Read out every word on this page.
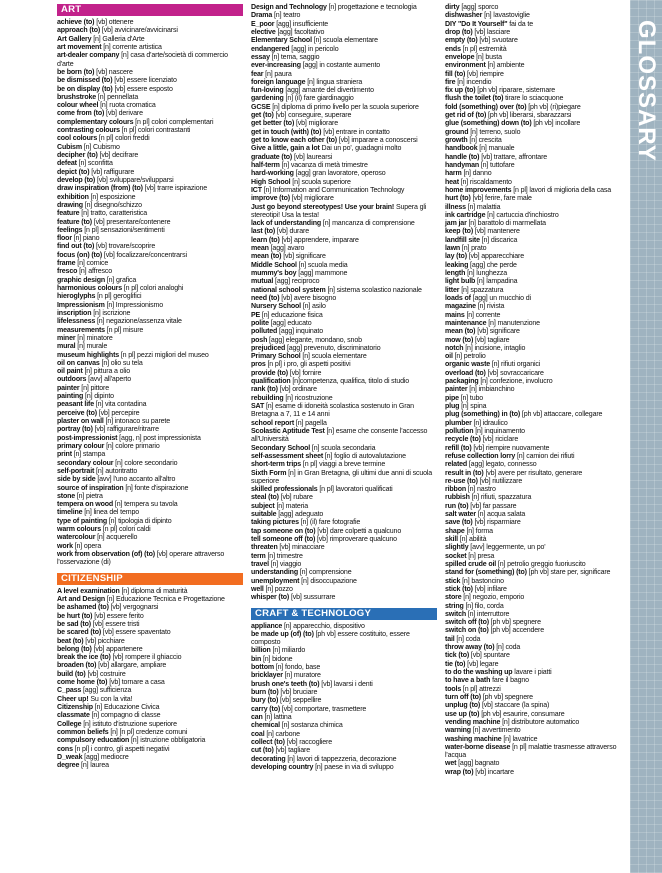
ART
achieve (to) [vb] ottenere
approach (to) [vb] avvicinare/avvicinarsi
Art Gallery [n] Galleria d'Arte
art movement [n] corrente artistica
art-dealer company [n] casa d'arte/società di commercio d'arte
be born (to) [vb] nascere
be dismissed (to) [vb] essere licenziato
be on display (to) [vb] essere esposto
brushstroke [n] pennellata
colour wheel [n] ruota cromatica
come from (to) [vb] derivare
complementary colours [n pl] colori complementari
contrasting colours [n pl] colori contrastanti
cool colours [n pl] colori freddi
Cubism [n] Cubismo
decipher (to) [vb] decifrare
defeat [n] sconfitta
depict (to) [vb] raffigurare
develop (to) [vb] sviluppare/svilupparsi
draw inspiration (from) (to) [vb] trarre ispirazione
exhibition [n] esposizione
drawing [n] disegno/schizzo
feature [n] tratto, caratteristica
feature (to) [vb] presentare/contenere
feelings [n pl] sensazioni/sentimenti
floor [n] piano
find out (to) [vb] trovare/scoprire
focus (on) (to) [vb] focalizzare/concentrarsi
frame [n] cornice
fresco [n] affresco
graphic design [n] grafica
harmonious colours [n pl] colori analoghi
hieroglyphs [n pl] geroglifici
Impressionism [n] Impressionismo
inscription [n] iscrizione
lifelessness [n] negazione/assenza vitale
measurements [n pl] misure
miner [n] minatore
mural [n] murale
museum highlights [n pl] pezzi migliori del museo
oil on canvas [n] olio su tela
oil paint [n] pittura a olio
outdoors [avv] all'aperto
painter [n] pittore
painting [n] dipinto
peasant life [n] vita contadina
perceive (to) [vb] percepire
plaster on wall [n] intonaco su parete
portray (to) [vb] raffigurare/ritrarre
post-impressionist [agg, n] post impressionista
primary colour [n] colore primario
print [n] stampa
secondary colour [n] colore secondario
self-portrait [n] autoritratto
side by side [avv] l'uno accanto all'altro
source of inspiration [n] fonte d'ispirazione
stone [n] pietra
tempera on wood [n] tempera su tavola
timeline [n] linea del tempo
type of painting [n] tipologia di dipinto
warm colours [n pl] colori caldi
watercolour [n] acquerello
work [n] opera
work from observation (of) (to) [vb] operare attraverso l'osservazione (di)
CITIZENSHIP
A level examination [n] diploma di maturità
Art and Design [n] Educazione Tecnica e Progettazione
be ashamed (to) [vb] vergognarsi
be hurt (to) [vb] essere ferito
be sad (to) [vb] essere tristi
be scared (to) [vb] essere spaventato
beat (to) [vb] picchiare
belong (to) [vb] appartenere
break the ice (to) [vb] rompere il ghiaccio
broaden (to) [vb] allargare, ampliare
build (to) [vb] costruire
come home (to) [vb] tornare a casa
C_pass [agg] sufficienza
Cheer up! Su con la vita!
Citizenship [n] Educazione Civica
classmate [n] compagno di classe
College [n] istituto d'istruzione superiore
common beliefs [n] [n pl] credenze comuni
compulsory education [n] istruzione obbligatoria
cons [n pl] i contro, gli aspetti negativi
D_weak [agg] mediocre
degree [n] laurea
Design and Technology [n] progettazione e tecnologia
Drama [n] teatro
E_poor [agg] insufficiente
elective [agg] facoltativo
Elementary School [n] scuola elementare
endangered [agg] in pericolo
essay [n] tema, saggio
ever-increasing [agg] in costante aumento
fear [n] paura
foreign language [n] lingua straniera
fun-loving [agg] amante del divertimento
gardening [n] (il) fare giardinaggio
GCSE [n] diploma di primo livello per la scuola superiore
get (to) [vb] conseguire, superare
get better (to) [vb] migliorare
get in touch (with) (to) [vb] entrare in contatto
get to know each other (to) [vb] imparare a conoscersi
Give a little, gain a lot Dai un po', guadagni molto
graduate (to) [vb] laurearsi
half-term [n] vacanza di metà trimestre
hard-working [agg] gran lavoratore, operoso
High School [n] scuola superiore
ICT [n] Information and Communication Technology
improve (to) [vb] migliorare
Just go beyond stereotypes! Use your brain! Supera gli stereotipi! Usa la testa!
lack of understanding [n] mancanza di comprensione
last (to) [vb] durare
learn (to) [vb] apprendere, imparare
mean [agg] avaro
mean (to) [vb] significare
Middle School [n] scuola media
mummy's boy [agg] mammone
mutual [agg] reciproco
national school system [n] sistema scolastico nazionale
need (to) [vb] avere bisogno
Nursery School [n] asilo
PE [n] educazione fisica
polite [agg] educato
polluted [agg] inquinato
posh [agg] elegante, mondano, snob
prejudiced [agg] prevenuto, discriminatorio
Primary School [n] scuola elementare
pros [n pl] i pro, gli aspetti positivi
provide (to) [vb] fornire
qualification [n]competenza, qualifica, titolo di studio
rank (to) [vb] ordinare
rebuilding [n] ricostruzione
SAT [n] esame di idoneità scolastica sostenuto in Gran Bretagna a 7, 11 e 14 anni
school report [n] pagella
Scolastic Aptitude Test [n] esame che consente l'accesso all'Università
Secondary School [n] scuola secondaria
self-assessment sheet [n] foglio di autovalutazione
short-term trips [n pl] viaggi a breve termine
Sixth Form [n] in Gran Bretagna, gli ultimi due anni di scuola superiore
skilled professionals [n pl] lavoratori qualificati
steal (to) [vb] rubare
subject [n] materia
suitable [agg] adeguato
taking pictures [n] (il) fare fotografie
tap someone on (to) [vb] dare colpetti a qualcuno
tell someone off (to) [vb] rimproverare qualcuno
threaten [vb] minacciare
term [n] trimestre
travel [n] viaggio
understanding [n] comprensione
unemployment [n] disoccupazione
well [n] pozzo
whisper (to) [vb] sussurrare
CRAFT & TECHNOLOGY
appliance [n] apparecchio, dispositivo
be made up (of) (to) [ph vb] essere costituito, essere composto
billion [n] miliardo
bin [n] bidone
bottom [n] fondo, base
bricklayer [n] muratore
brush one's teeth (to) [vb] lavarsi i denti
burn (to) [vb] bruciare
bury (to) [vb] seppellire
carry (to) [vb] comportare, trasmettere
can [n] lattina
chemical [n] sostanza chimica
coal [n] carbone
collect (to) [vb] raccogliere
cut (to) [vb] tagliare
decorating [n] lavori di tappezzeria, decorazione
developing country [n] paese in via di sviluppo
dirty [agg] sporco
dishwasher [n] lavastoviglie
DIY "Do It Yourself" fai da te
drop (to) [vb] lasciare
empty (to) [vb] svuotare
ends [n pl] estremità
envelope [n] busta
environment [n] ambiente
fill (to) [vb] riempire
fire [n] incendio
fix up (to) [ph vb] riparare, sistemare
flush the toilet (to) tirare lo sciacquone
fold (something) over (to) [ph vb] (ri)piegare
get rid of (to) [ph vb] liberarsi, sbarazzarsi
glue (something) down (to) [ph vb] incollare
ground [n] terreno, suolo
growth [n] crescita
handbook [n] manuale
handle (to) [vb] trattare, affrontare
handyman [n] tuttofare
harm [n] danno
heat [n] riscaldamento
home improvements [n pl] lavori di miglioria della casa
hurt (to) [vb] ferire, fare male
illness [n] malattia
ink cartridge [n] cartuccia d'inchiostro
jam jar [n] barattolo di marmellata
keep (to) [vb] mantenere
landfill site [n] discarica
lawn [n] prato
lay (to) [vb] apparecchiare
leaking [agg] che perde
length [n] lunghezza
light bulb [n] lampadina
litter [n] spazzatura
loads of [agg] un mucchio di
magazine [n] rivista
mains [n] corrente
maintenance [n] manutenzione
mean (to) [vb] significare
mow (to) [vb] tagliare
notch [n] incisione, intaglio
oil [n] petrolio
organic waste [n] rifiuti organici
overload (to) [vb] sovraccaricare
packaging [n] confezione, involucro
painter [n] imbianchino
pipe [n] tubo
plug [n] spina
plug (something) in (to) [ph vb] attaccare, collegare
plumber [n] idraulico
pollution [n] inquinamento
recycle (to) [vb] riciclare
refill (to) [vb] riempire nuovamente
refuse collection lorry [n] camion dei rifiuti
related [agg] legato, connesso
result in (to) [vb] avere per risultato, generare
re-use (to) [vb] riutilizzare
ribbon [n] nastro
rubbish [n] rifiuti, spazzatura
run (to) [vb] far passare
salt water [n] acqua salata
save (to) [vb] risparmiare
shape [n] forma
skill [n] abilità
slightly [avv] leggermente, un po'
socket [n] presa
spilled crude oil [n] petrolio greggio fuoriuscito
stand for (something) (to) [ph vb] stare per, significare
stick [n] bastoncino
stick (to) [vb] infilare
store [n] negozio, emporio
string [n] filo, corda
switch [n] interruttore
switch off (to) [ph vb] spegnere
switch on (to) [ph vb] accendere
tail [n] coda
throw away (to) [n] coda
tick (to) [vb] spuntare
tie (to) [vb] legare
to do the washing up lavare i piatti
to have a bath fare il bagno
tools [n pl] attrezzi
turn off (to) [ph vb] spegnere
unplug (to) [vb] staccare (la spina)
use up (to) [ph vb] esaurire, consumare
vending machine [n] distributore automatico
warning [n] avvertimento
washing machine [n] lavatrice
water-borne disease [n pl] malattie trasmesse attraverso l'acqua
wet [agg] bagnato
wrap (to) [vb] incartare
GLOSSARY
